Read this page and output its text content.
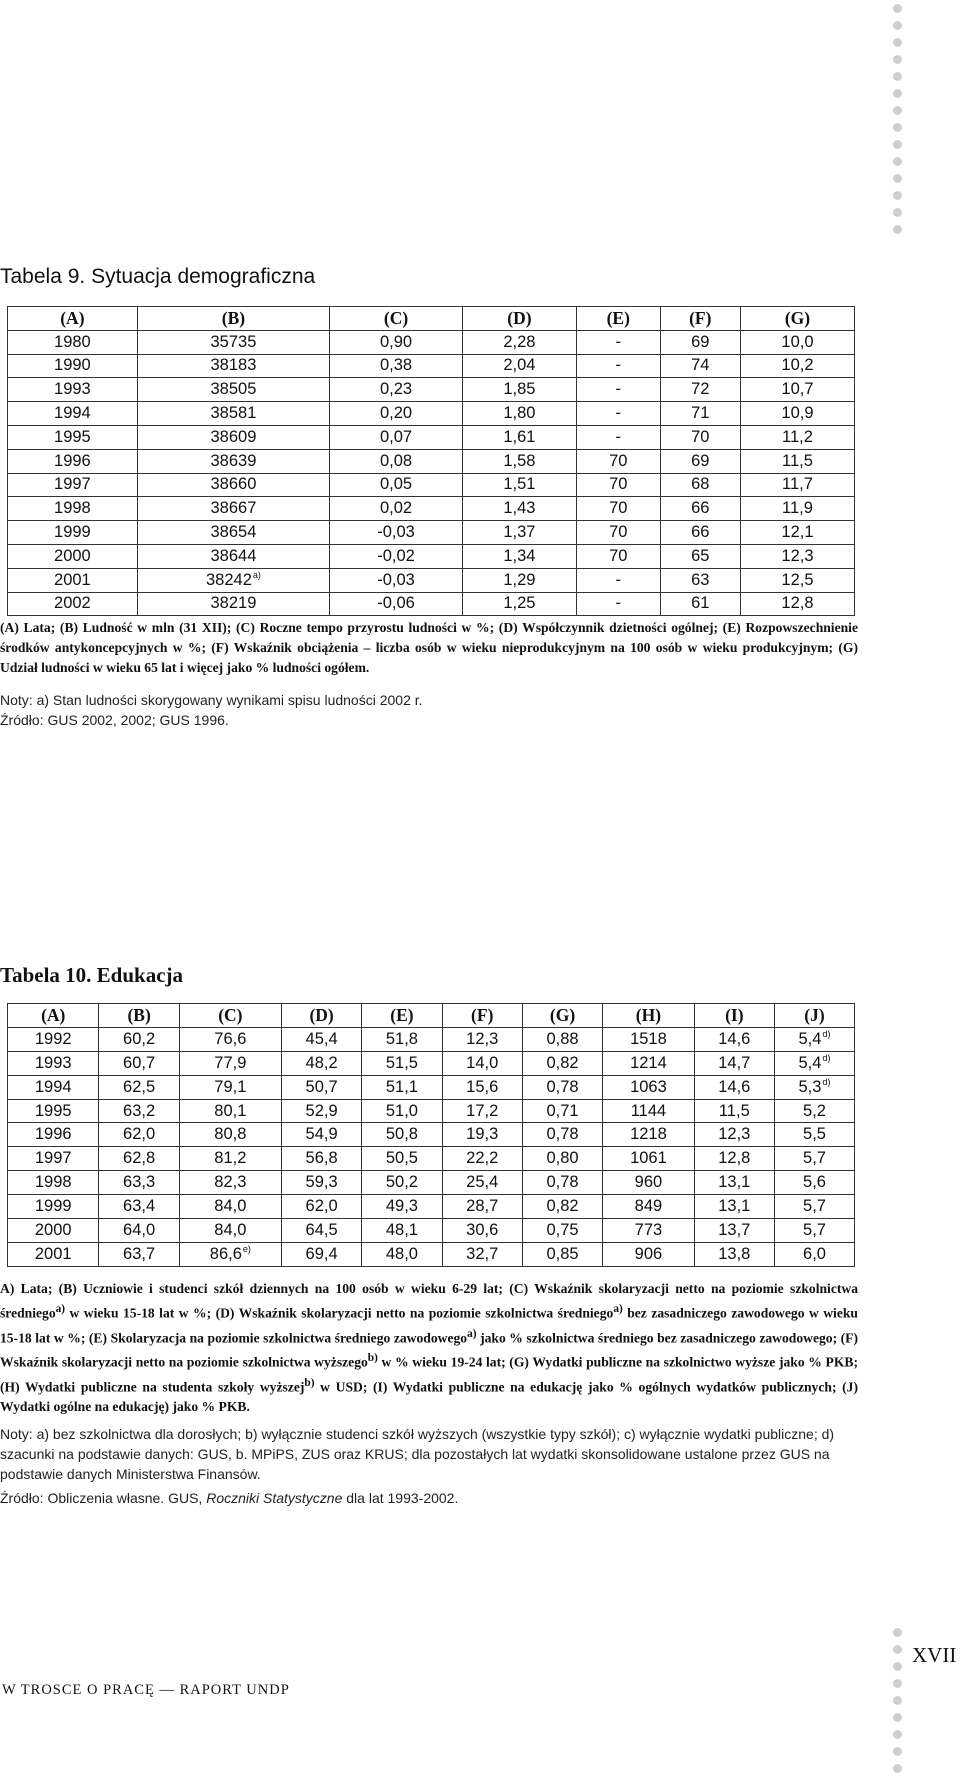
Tabela 9. Sytuacja demograficzna
(A)	(B)	(C)	(D)	(E)	(F)	(G)
1980	35735	0,90	2,28	-	69	10,0
1990	38183	0,38	2,04	-	74	10,2
1993	38505	0,23	1,85	-	72	10,7
1994	38581	0,20	1,80	-	71	10,9
1995	38609	0,07	1,61	-	70	11,2
1996	38639	0,08	1,58	70	69	11,5
1997	38660	0,05	1,51	70	68	11,7
1998	38667	0,02	1,43	70	66	11,9
1999	38654	-0,03	1,37	70	66	12,1
2000	38644	-0,02	1,34	70	65	12,3
2001	38242$^{a)}$	-0,03	1,29	-	63	12,5
2002	38219	-0,06	1,25	-	61	12,8

(A) Lata; (B) Ludność w mln (31 XII); (C) Roczne tempo przyrostu ludności w %; (D) Współczynnik dzietności ogólnej; (E) Rozpowszechnienie środków antykoncepcyjnych w %; (F) Wskaźnik obciążenia – liczba osób w wieku nieprodukcyjnym na 100 osób w wieku produkcyjnym; (G) Udział ludności w wieku 65 lat i więcej jako % ludności ogółem.

Noty: a) Stan ludności skorygowany wynikami spisu ludności 2002 r.

Źródło: GUS 2002, 2002; GUS 1996.

Tabela 10. Edukacja
(A)	(B)	(C)	(D)	(E)	(F)	(G)	(H)	(I)	(J)
1992	60,2	76,6	45,4	51,8	12,3	0,88	1518	14,6	5,4$^{d)}$
1993	60,7	77,9	48,2	51,5	14,0	0,82	1214	14,7	5,4$^{d)}$
1994	62,5	79,1	50,7	51,1	15,6	0,78	1063	14,6	5,3$^{d)}$
1995	63,2	80,1	52,9	51,0	17,2	0,71	1144	11,5	5,2
1996	62,0	80,8	54,9	50,8	19,3	0,78	1218	12,3	5,5
1997	62,8	81,2	56,8	50,5	22,2	0,80	1061	12,8	5,7
1998	63,3	82,3	59,3	50,2	25,4	0,78	960	13,1	5,6
1999	63,4	84,0	62,0	49,3	28,7	0,82	849	13,1	5,7
2000	64,0	84,0	64,5	48,1	30,6	0,75	773	13,7	5,7
2001	63,7	86,6$^{e)}$	69,4	48,0	32,7	0,85	906	13,8	6,0

A) Lata; (B) Uczniowie i studenci szkół dziennych na 100 osób w wieku 6-29 lat; (C) Wskaźnik skolaryzacji netto na poziomie szkolnictwa średniego$^{a)}$ w wieku 15-18 lat w %; (D) Wskaźnik skolaryzacji netto na poziomie szkolnictwa średniego$^{a)}$ bez zasadniczego zawodowego w wieku 15-18 lat w %; (E) Skolaryzacja na poziomie szkolnictwa średniego zawodowego$^{a)}$ jako % szkolnictwa średniego bez zasadniczego zawodowego; (F) Wskaźnik skolaryzacji netto na poziomie szkolnictwa wyższego$^{b)}$ w % wieku 19-24 lat; (G) Wydatki publiczne na szkolnictwo wyższe jako % PKB; (H) Wydatki publiczne na studenta szkoły wyższej$^{b)}$ w USD; (I) Wydatki publiczne na edukację jako % ogólnych wydatków publicznych; (J) Wydatki ogólne na edukację) jako % PKB.

Noty: a) bez szkolnictwa dla dorosłych; b) wyłącznie studenci szkół wyższych (wszystkie typy szkół); c) wyłącznie wydatki publiczne; d) szacunki na podstawie danych: GUS, b. MPiPS, ZUS oraz KRUS; dla pozostałych lat wydatki skonsolidowane ustalone przez GUS na podstawie danych Ministerstwa Finansów.

Źródło: Obliczenia własne. GUS, Roczniki Statystyczne dla lat 1993-2002.

W TROSCE O PRACĘ — RAPORT UNDP

XVII
